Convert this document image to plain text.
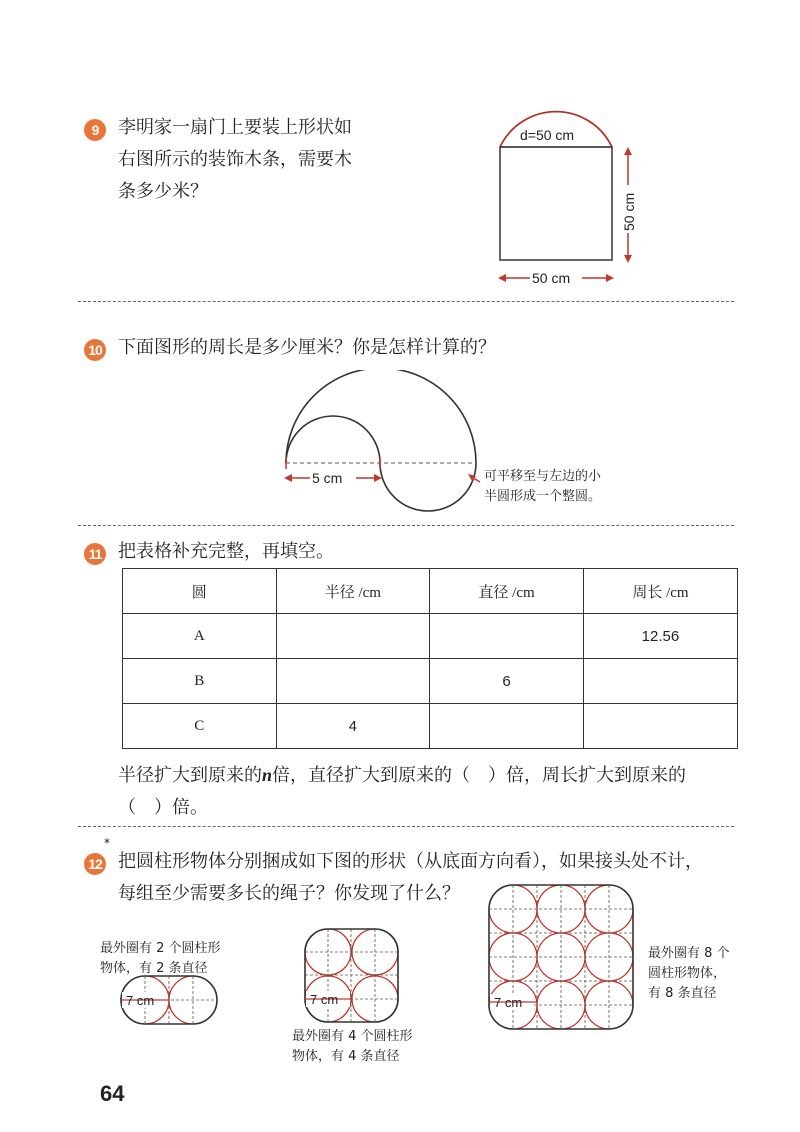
9	李明家一扇门上要装上形状如
右图所示的装饰木条，需要木
条多少米？
d=50 cm
50 cm
50 cm
10 下面图形的周长是多少厘米？你是怎样计算的？
5 cm	可平移至与左边的小
半圆形成一个整圆。
11 把表格补充完整，再填空。
圆	半径 /cm	直径 /cm	周长 /cm
A			12.56
B		6	
C	4		
半径扩大到原来的n倍，直径扩大到原来的（　）倍，周长扩大到原来的
（　）倍。
*
12 把圆柱形物体分别捆成如下图的形状（从底面方向看），如果接头处不计，
每组至少需要多长的绳子？你发现了什么？
最外圈有 2 个圆柱形
物体，有 2 条直径
7 cm	7 cm
最外圈有 4 个圆柱形
物体，有 4 条直径
7 cm
最外圈有 8 个
圆柱形物体，
有 8 条直径
64
